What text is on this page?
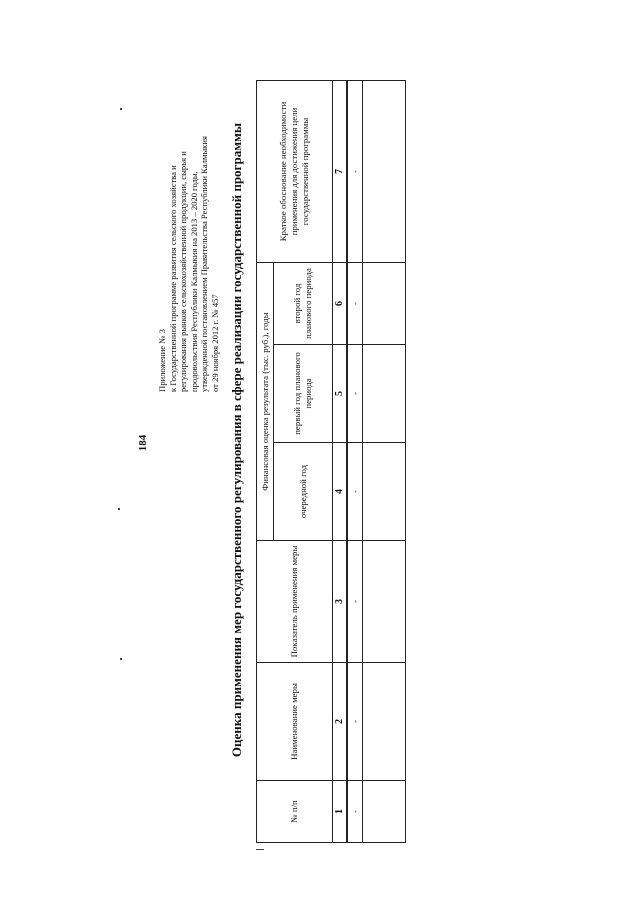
184
Приложение № 3 к Государственной программе развития сельского хозяйства и регулирования рынков сельскохозяйственной продукции, сырья и продовольствия Республики Калмыкия на 2013 – 2020 годы, утвержденной постановлением Правительства Республики Калмыкия от 29 ноября 2012 г. № 457 Оценка применения мер государственного регулирования в сфере реализации государственной программы
№ п/п	Наименование меры	Показатель применения меры	Финансовая оценка результата (тыс. руб.), годы			Краткое обоснование необходимости применения для достижения цели государственной программы
			очередной год	первый год планового периода	второй год планового периода	
1	2	3	4	5	6	7
-	-	-	-	-	-	-
